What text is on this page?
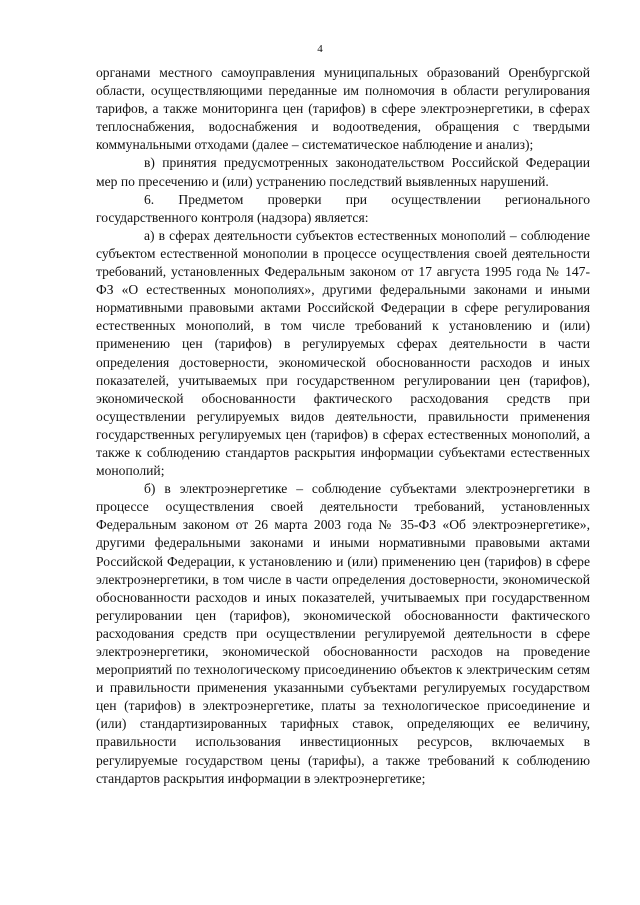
4

органами местного самоуправления муниципальных образований Оренбургской области, осуществляющими переданные им полномочия в области регулирования тарифов, а также мониторинга цен (тарифов) в сфере электроэнергетики, в сферах теплоснабжения, водоснабжения и водоотведения, обращения с твердыми коммунальными отходами (далее – систематическое наблюдение и анализ);

в) принятия предусмотренных законодательством Российской Федерации мер по пресечению и (или) устранению последствий выявленных нарушений.

6. Предметом проверки при осуществлении регионального государственного контроля (надзора) является:

а) в сферах деятельности субъектов естественных монополий – соблюдение субъектом естественной монополии в процессе осуществления своей деятельности требований, установленных Федеральным законом от 17 августа 1995 года № 147-ФЗ «О естественных монополиях», другими федеральными законами и иными нормативными правовыми актами Российской Федерации в сфере регулирования естественных монополий, в том числе требований к установлению и (или) применению цен (тарифов) в регулируемых сферах деятельности в части определения достоверности, экономической обоснованности расходов и иных показателей, учитываемых при государственном регулировании цен (тарифов), экономической обоснованности фактического расходования средств при осуществлении регулируемых видов деятельности, правильности применения государственных регулируемых цен (тарифов) в сферах естественных монополий, а также к соблюдению стандартов раскрытия информации субъектами естественных монополий;

б) в электроэнергетике – соблюдение субъектами электроэнергетики в процессе осуществления своей деятельности требований, установленных Федеральным законом от 26 марта 2003 года № 35-ФЗ «Об электроэнергетике», другими федеральными законами и иными нормативными правовыми актами Российской Федерации, к установлению и (или) применению цен (тарифов) в сфере электроэнергетики, в том числе в части определения достоверности, экономической обоснованности расходов и иных показателей, учитываемых при государственном регулировании цен (тарифов), экономической обоснованности фактического расходования средств при осуществлении регулируемой деятельности в сфере электроэнергетики, экономической обоснованности расходов на проведение мероприятий по технологическому присоединению объектов к электрическим сетям и правильности применения указанными субъектами регулируемых государством цен (тарифов) в электроэнергетике, платы за технологическое присоединение и (или) стандартизированных тарифных ставок, определяющих ее величину, правильности использования инвестиционных ресурсов, включаемых в регулируемые государством цены (тарифы), а также требований к соблюдению стандартов раскрытия информации в электроэнергетике;
